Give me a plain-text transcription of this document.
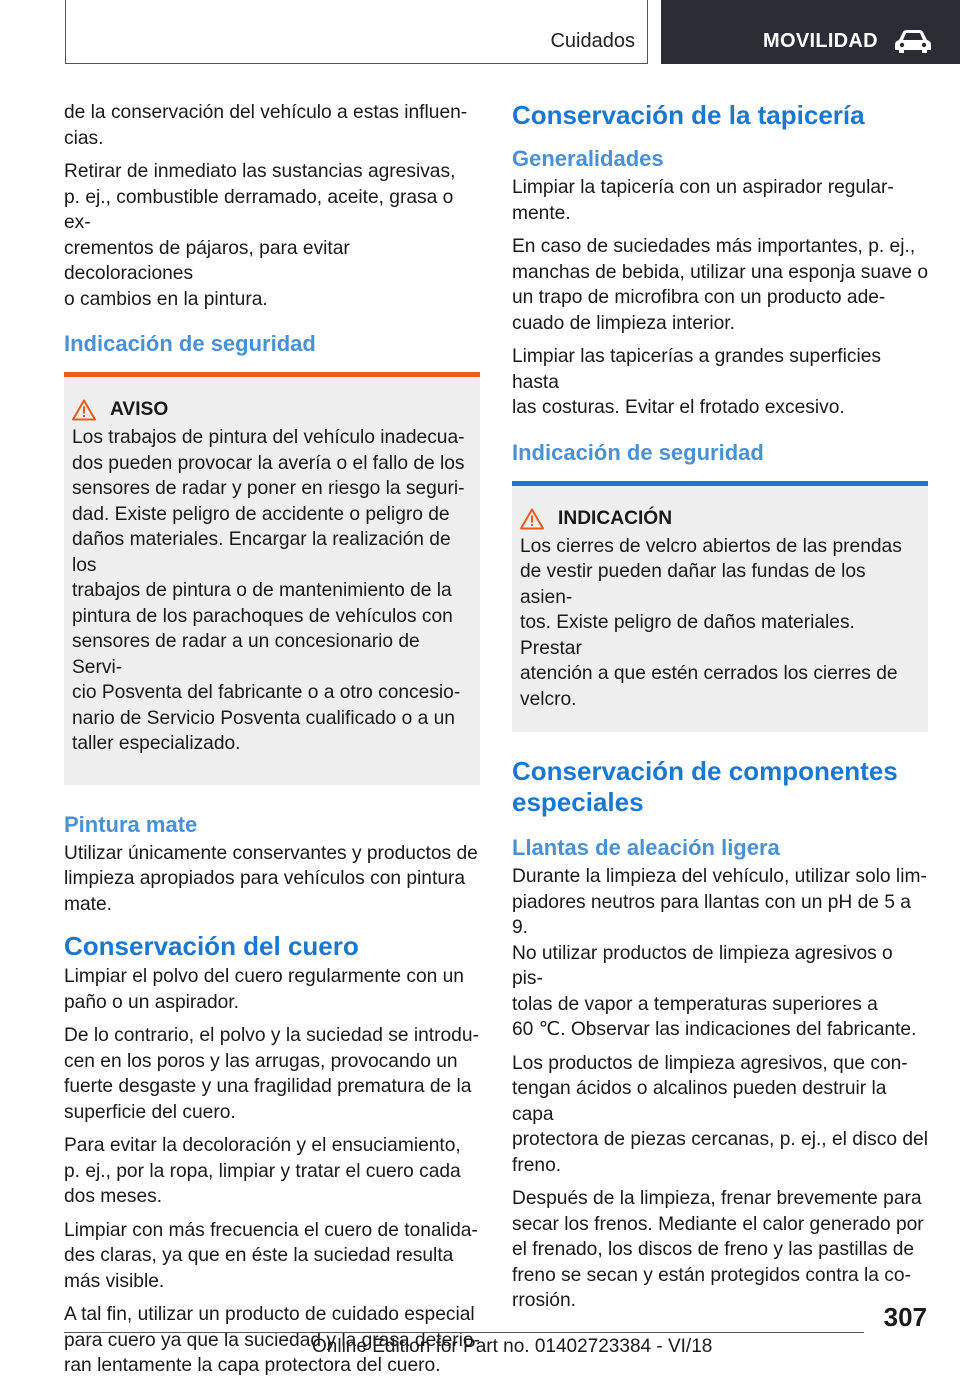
Cuidados	MOVILIDAD

de la conservación del vehículo a estas influen-
cias.

Retirar de inmediato las sustancias agresivas,
p. ej., combustible derramado, aceite, grasa o ex-
crementos de pájaros, para evitar decoloraciones
o cambios en la pintura.

Indicación de seguridad
AVISO

Los trabajos de pintura del vehículo inadecua-
dos pueden provocar la avería o el fallo de los
sensores de radar y poner en riesgo la seguri-
dad. Existe peligro de accidente o peligro de
daños materiales. Encargar la realización de los
trabajos de pintura o de mantenimiento de la
pintura de los parachoques de vehículos con
sensores de radar a un concesionario de Servi-
cio Posventa del fabricante o a otro concesio-
nario de Servicio Posventa cualificado o a un
taller especializado.

Pintura mate

Utilizar únicamente conservantes y productos de
limpieza apropiados para vehículos con pintura
mate.

Conservación del cuero

Limpiar el polvo del cuero regularmente con un
paño o un aspirador.

De lo contrario, el polvo y la suciedad se introdu-
cen en los poros y las arrugas, provocando un
fuerte desgaste y una fragilidad prematura de la
superficie del cuero.

Para evitar la decoloración y el ensuciamiento,
p. ej., por la ropa, limpiar y tratar el cuero cada
dos meses.

Limpiar con más frecuencia el cuero de tonalida-
des claras, ya que en éste la suciedad resulta
más visible.

A tal fin, utilizar un producto de cuidado especial
para cuero ya que la suciedad y la grasa deterio-
ran lentamente la capa protectora del cuero.

Conservación de la tapicería
Generalidades

Limpiar la tapicería con un aspirador regular-
mente.

En caso de suciedades más importantes, p. ej.,
manchas de bebida, utilizar una esponja suave o
un trapo de microfibra con un producto ade-
cuado de limpieza interior.

Limpiar las tapicerías a grandes superficies hasta
las costuras. Evitar el frotado excesivo.

Indicación de seguridad
INDICACIÓN

Los cierres de velcro abiertos de las prendas
de vestir pueden dañar las fundas de los asien-
tos. Existe peligro de daños materiales. Prestar
atención a que estén cerrados los cierres de
velcro.

Conservación de componentes
especiales
Llantas de aleación ligera

Durante la limpieza del vehículo, utilizar solo lim-
piadores neutros para llantas con un pH de 5 a 9.
No utilizar productos de limpieza agresivos o pis-
tolas de vapor a temperaturas superiores a
60 ℃. Observar las indicaciones del fabricante.

Los productos de limpieza agresivos, que con-
tengan ácidos o alcalinos pueden destruir la capa
protectora de piezas cercanas, p. ej., el disco del
freno.

Después de la limpieza, frenar brevemente para
secar los frenos. Mediante el calor generado por
el frenado, los discos de freno y las pastillas de
freno se secan y están protegidos contra la co-
rrosión.

307
Online Edition for Part no. 01402723384 - VI/18
